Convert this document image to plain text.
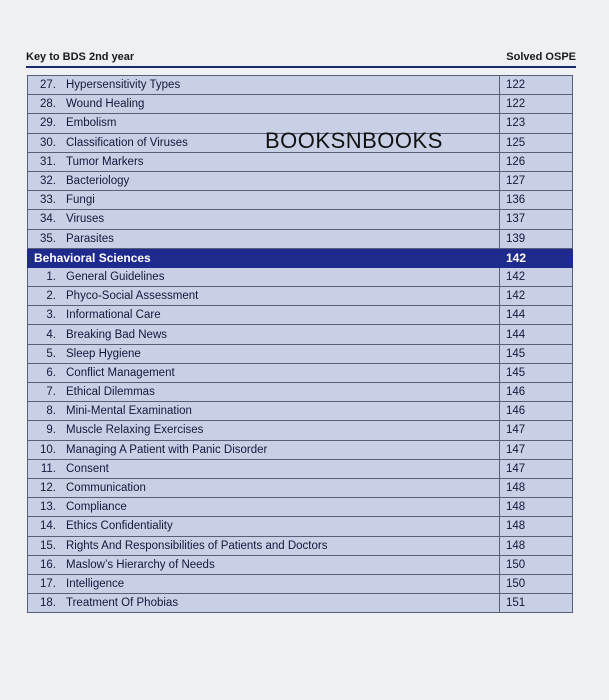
Key to BDS 2nd year	Solved OSPE
27.	Hypersensitivity Types	122
28.	Wound Healing	122
29.	Embolism	123
30.	Classification of Viruses	125
31.	Tumor Markers	126
32.	Bacteriology	127
33.	Fungi	136
34.	Viruses	137
35.	Parasites	139
Behavioral Sciences		142
1.	General Guidelines	142
2.	Phyco-Social Assessment	142
3.	Informational Care	144
4.	Breaking Bad News	144
5.	Sleep Hygiene	145
6.	Conflict Management	145
7.	Ethical Dilemmas	146
8.	Mini-Mental Examination	146
9.	Muscle Relaxing Exercises	147
10.	Managing A Patient with Panic Disorder	147
11.	Consent	147
12.	Communication	148
13.	Compliance	148
14.	Ethics Confidentiality	148
15.	Rights And Responsibilities of Patients and Doctors	148
16.	Maslow’s Hierarchy of Needs	150
17.	Intelligence	150
18.	Treatment Of Phobias	151
BOOKSNBOOKS
